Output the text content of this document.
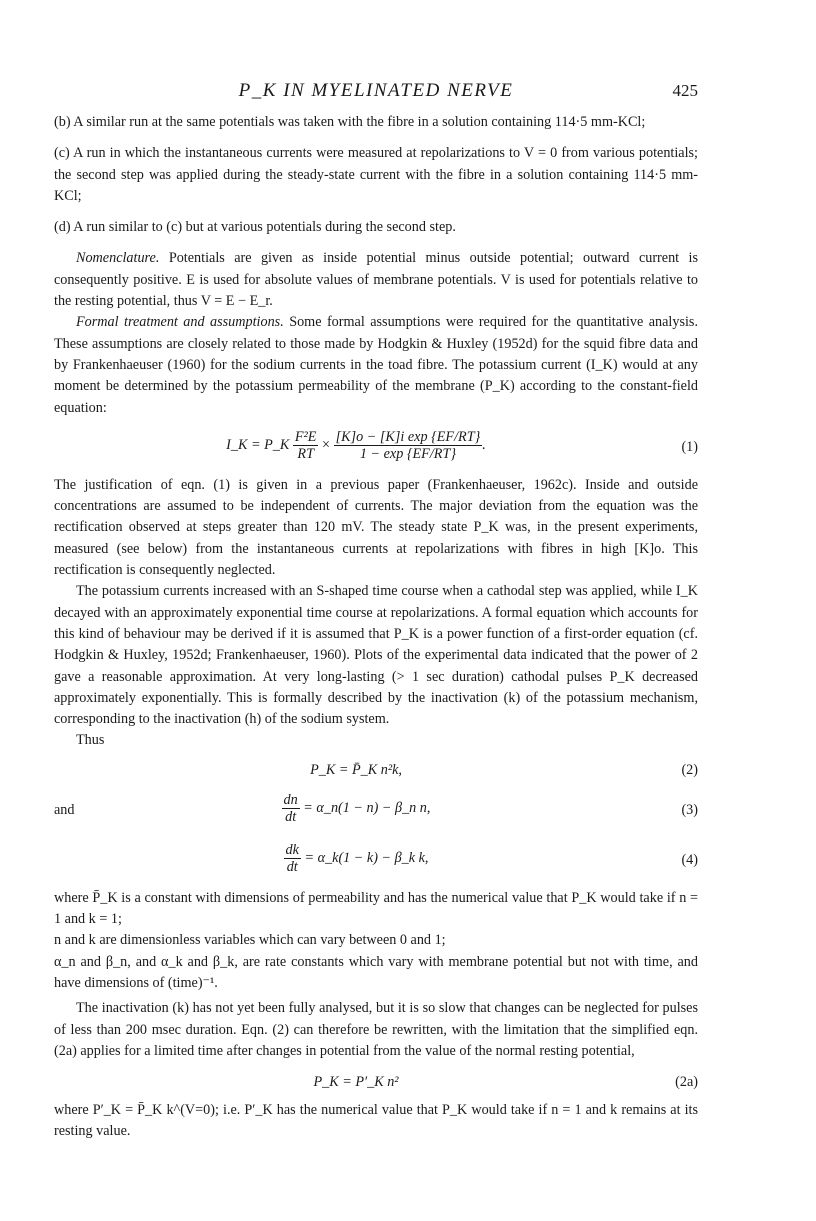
P_K IN MYELINATED NERVE	425

(b) A similar run at the same potentials was taken with the fibre in a solution containing 114·5 mm-KCl;

(c) A run in which the instantaneous currents were measured at repolarizations to V = 0 from various potentials; the second step was applied during the steady-state current with the fibre in a solution containing 114·5 mm-KCl;

(d) A run similar to (c) but at various potentials during the second step.

Nomenclature. Potentials are given as inside potential minus outside potential; outward current is consequently positive. E is used for absolute values of membrane potentials. V is used for potentials relative to the resting potential, thus V = E − E_r.

Formal treatment and assumptions. Some formal assumptions were required for the quantitative analysis. These assumptions are closely related to those made by Hodgkin & Huxley (1952d) for the squid fibre data and by Frankenhaeuser (1960) for the sodium currents in the toad fibre. The potassium current (I_K) would at any moment be determined by the potassium permeability of the membrane (P_K) according to the constant-field equation:

I_K = P_K $\frac{\text{F²E}}{RT} \times \frac{\text{[K]o − [K]i exp \{EF/RT\}}}{1 - \exp \{EF/RT\}}$ .	(1)

The justification of eqn. (1) is given in a previous paper (Frankenhaeuser, 1962c). Inside and outside concentrations are assumed to be independent of currents. The major deviation from the equation was the rectification observed at steps greater than 120 mV. The steady state P_K was, in the present experiments, measured (see below) from the instantaneous currents at repolarizations with fibres in high [K]o. This rectification is consequently neglected.

The potassium currents increased with an S-shaped time course when a cathodal step was applied, while I_K decayed with an approximately exponential time course at repolarizations. A formal equation which accounts for this kind of behaviour may be derived if it is assumed that P_K is a power function of a first-order equation (cf. Hodgkin & Huxley, 1952d; Frankenhaeuser, 1960). Plots of the experimental data indicated that the power of 2 gave a reasonable approximation. At very long-lasting (> 1 sec duration) cathodal pulses P_K decreased approximately exponentially. This is formally described by the inactivation (k) of the potassium mechanism, corresponding to the inactivation (h) of the sodium system.

Thus

P_K = P̄_K n²k,	(2)
and	$\frac{dn}{dt}$ = α_n(1 − n) − β_n n,	(3)
$\frac{dk}{dt}$ = α_k(1 − k) − β_k k,	(4)

where P̄_K is a constant with dimensions of permeability and has the numerical value that P_K would take if n = 1 and k = 1;

n and k are dimensionless variables which can vary between 0 and 1;

α_n and β_n, and α_k and β_k, are rate constants which vary with membrane potential but not with time, and have dimensions of (time)⁻¹.

The inactivation (k) has not yet been fully analysed, but it is so slow that changes can be neglected for pulses of less than 200 msec duration. Eqn. (2) can therefore be rewritten, with the limitation that the simplified eqn. (2a) applies for a limited time after changes in potential from the value of the normal resting potential,

P_K = P′_K n²	(2a)

where P′_K = P̄_K k^(V=0); i.e. P′_K has the numerical value that P_K would take if n = 1 and k remains at its resting value.
